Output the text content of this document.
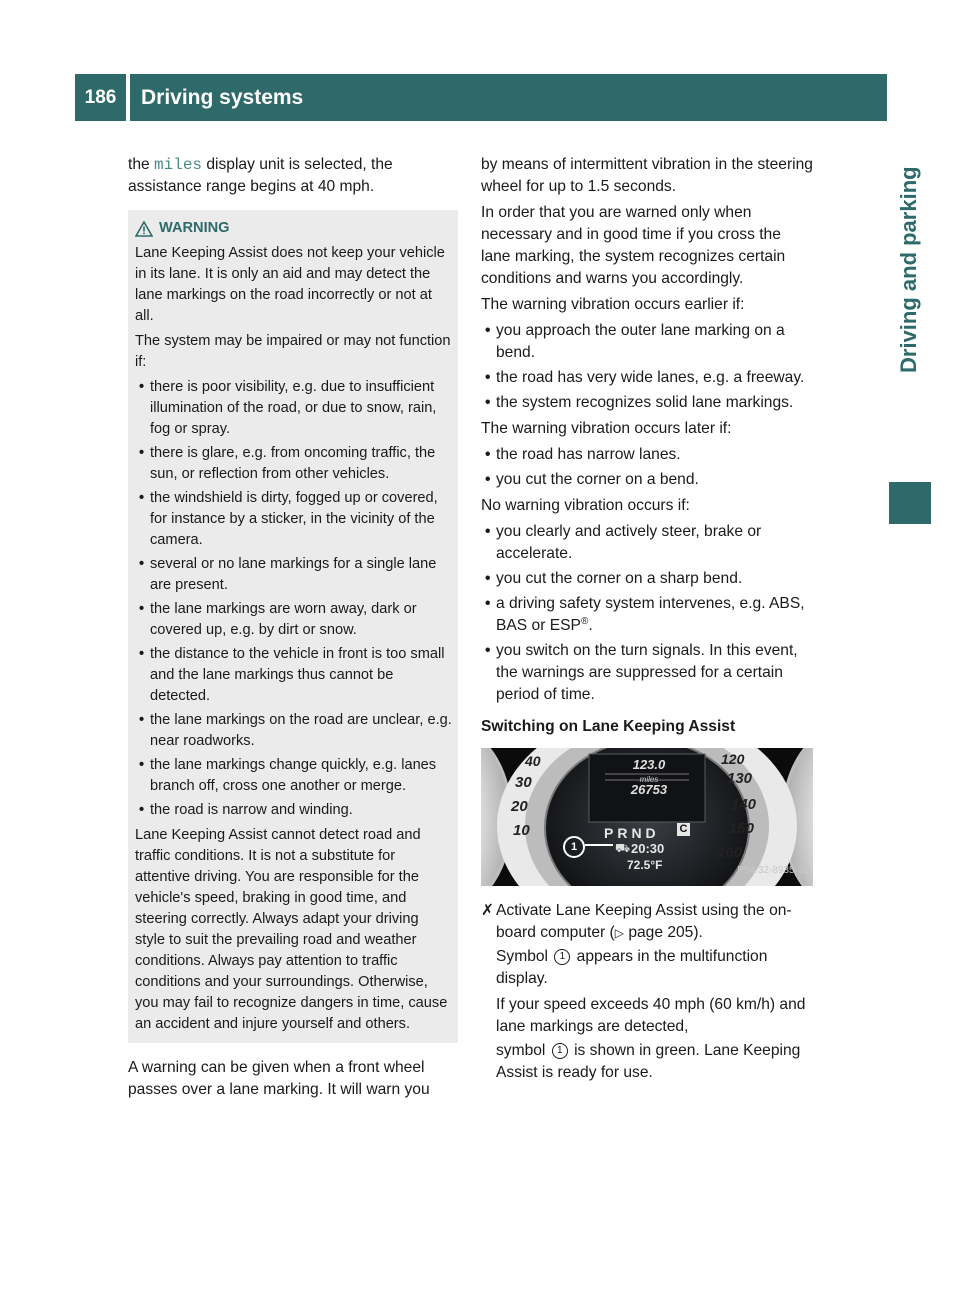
186	Driving systems
Driving and parking

the miles display unit is selected, the assistance range begins at 40 mph.

WARNING

Lane Keeping Assist does not keep your vehicle in its lane. It is only an aid and may detect the lane markings on the road incorrectly or not at all.

The system may be impaired or may not function if:

• there is poor visibility, e.g. due to insufficient illumination of the road, or due to snow, rain, fog or spray.
• there is glare, e.g. from oncoming traffic, the sun, or reflection from other vehicles.
• the windshield is dirty, fogged up or covered, for instance by a sticker, in the vicinity of the camera.
• several or no lane markings for a single lane are present.
• the lane markings are worn away, dark or covered up, e.g. by dirt or snow.
• the distance to the vehicle in front is too small and the lane markings thus cannot be detected.
• the lane markings on the road are unclear, e.g. near roadworks.
• the lane markings change quickly, e.g. lanes branch off, cross one another or merge.
• the road is narrow and winding.

Lane Keeping Assist cannot detect road and traffic conditions. It is not a substitute for attentive driving. You are responsible for the vehicle's speed, braking in good time, and steering correctly. Always adapt your driving style to suit the prevailing road and weather conditions. Always pay attention to traffic conditions and your surroundings. Otherwise, you may fail to recognize dangers in time, cause an accident and injure yourself and others.

A warning can be given when a front wheel passes over a lane marking. It will warn you

by means of intermittent vibration in the steering wheel for up to 1.5 seconds.

In order that you are warned only when necessary and in good time if you cross the lane marking, the system recognizes certain conditions and warns you accordingly.

The warning vibration occurs earlier if:

• you approach the outer lane marking on a bend.
• the road has very wide lanes, e.g. a freeway.
• the system recognizes solid lane markings.

The warning vibration occurs later if:

• the road has narrow lanes.
• you cut the corner on a bend.

No warning vibration occurs if:

• you clearly and actively steer, brake or accelerate.
• you cut the corner on a sharp bend.
• a driving safety system intervenes, e.g. ABS, BAS or ESP®.
• you switch on the turn signals. In this event, the warnings are suppressed for a certain period of time.

Switching on Lane Keeping Assist

123.0
miles
26753
PRND C
1	⛟ 20:30
72.5°F
40
30
20
10
120
130
140
150
160
P54.32-8935-31
✗ Activate Lane Keeping Assist using the on-board computer (▷ page 205).
Symbol 1 appears in the multifunction display.
If your speed exceeds 40 mph (60 km/h) and lane markings are detected,
symbol 1 is shown in green. Lane Keeping Assist is ready for use.
